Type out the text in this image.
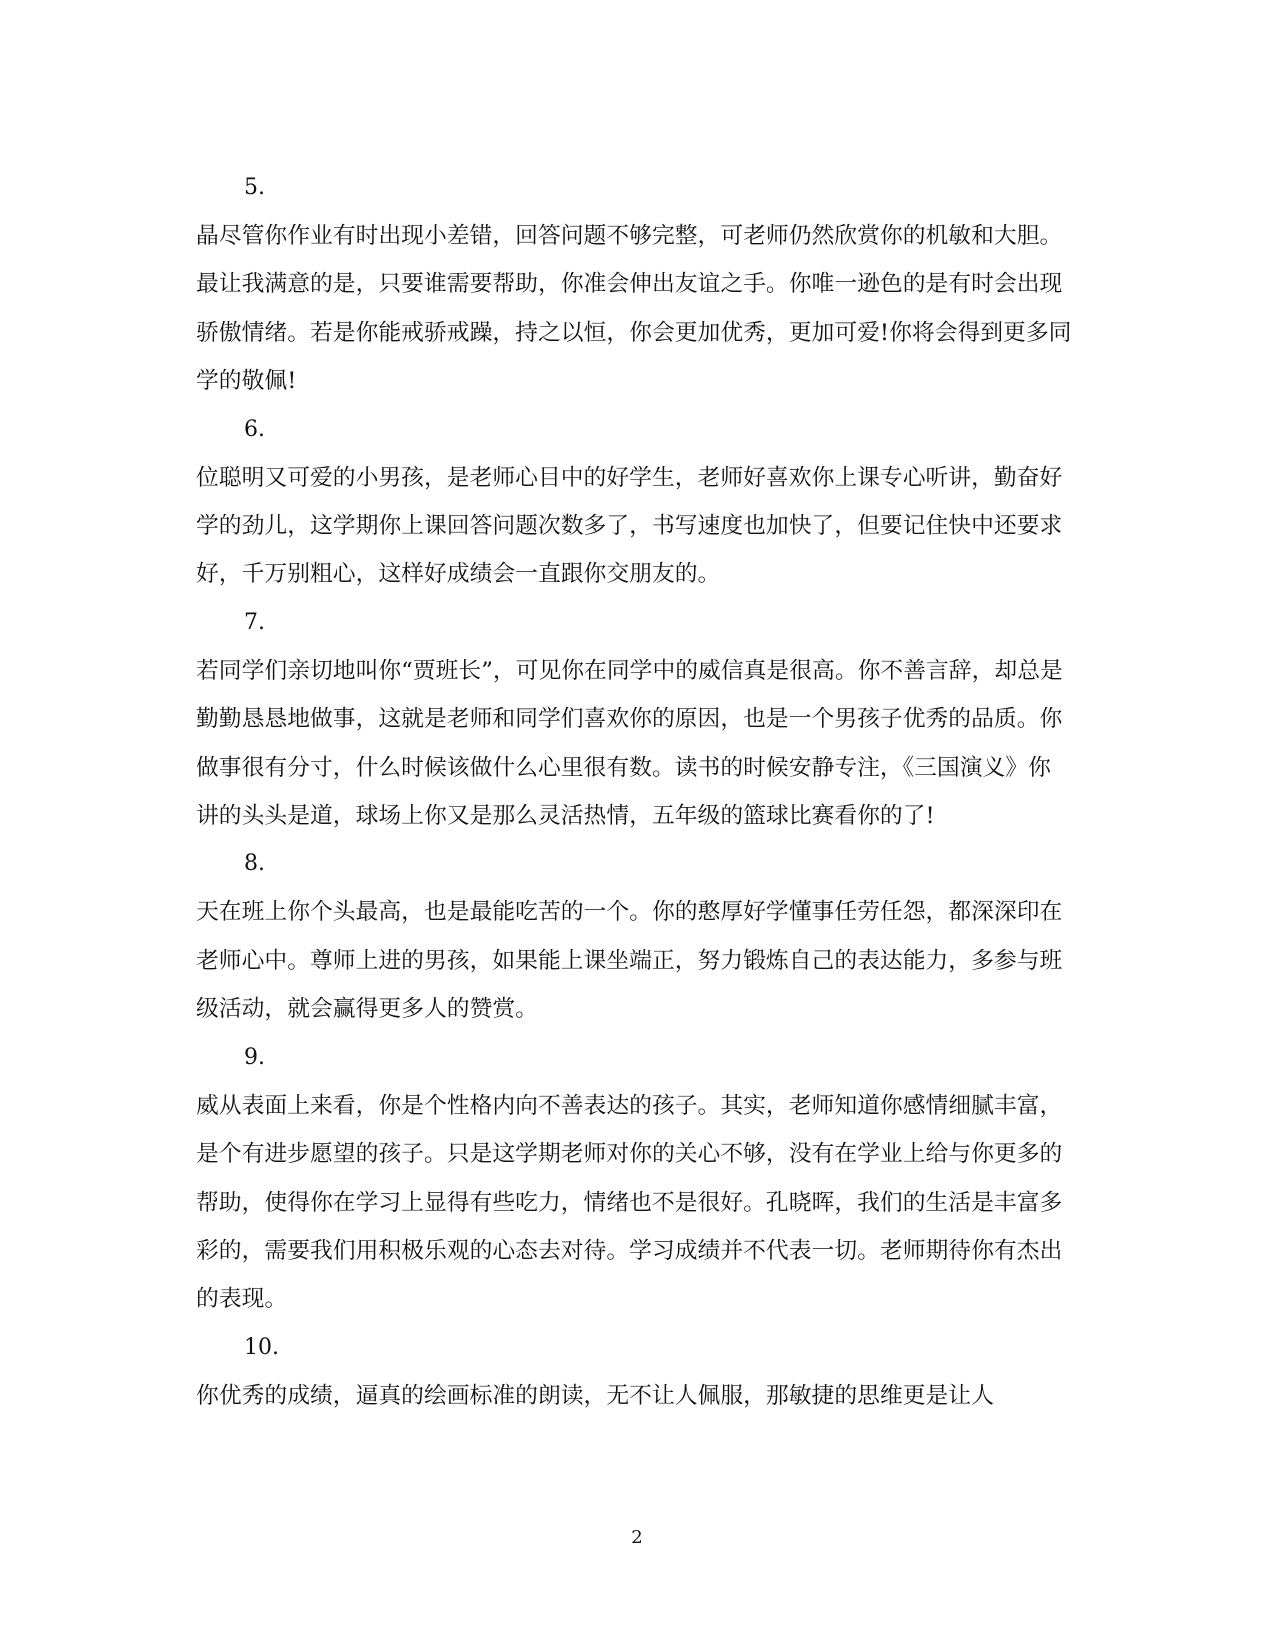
5.

晶尽管你作业有时出现小差错，回答问题不够完整，可老师仍然欣赏你的机敏和大胆。最让我满意的是，只要谁需要帮助，你准会伸出友谊之手。你唯一逊色的是有时会出现骄傲情绪。若是你能戒骄戒躁，持之以恒，你会更加优秀，更加可爱!你将会得到更多同学的敬佩!

6.

位聪明又可爱的小男孩，是老师心目中的好学生，老师好喜欢你上课专心听讲，勤奋好学的劲儿，这学期你上课回答问题次数多了，书写速度也加快了，但要记住快中还要求好，千万别粗心，这样好成绩会一直跟你交朋友的。

7.

若同学们亲切地叫你“贾班长”，可见你在同学中的威信真是很高。你不善言辞，却总是勤勤恳恳地做事，这就是老师和同学们喜欢你的原因，也是一个男孩子优秀的品质。你做事很有分寸，什么时候该做什么心里很有数。读书的时候安静专注，《三国演义》你讲的头头是道，球场上你又是那么灵活热情，五年级的篮球比赛看你的了!

8.

天在班上你个头最高，也是最能吃苦的一个。你的憨厚好学懂事任劳任怨，都深深印在老师心中。尊师上进的男孩，如果能上课坐端正，努力锻炼自己的表达能力，多参与班级活动，就会赢得更多人的赞赏。

9.

威从表面上来看，你是个性格内向不善表达的孩子。其实，老师知道你感情细腻丰富，是个有进步愿望的孩子。只是这学期老师对你的关心不够，没有在学业上给与你更多的帮助，使得你在学习上显得有些吃力，情绪也不是很好。孔晓晖，我们的生活是丰富多彩的，需要我们用积极乐观的心态去对待。学习成绩并不代表一切。老师期待你有杰出的表现。

10.

你优秀的成绩，逼真的绘画标准的朗读，无不让人佩服，那敏捷的思维更是让人

2
